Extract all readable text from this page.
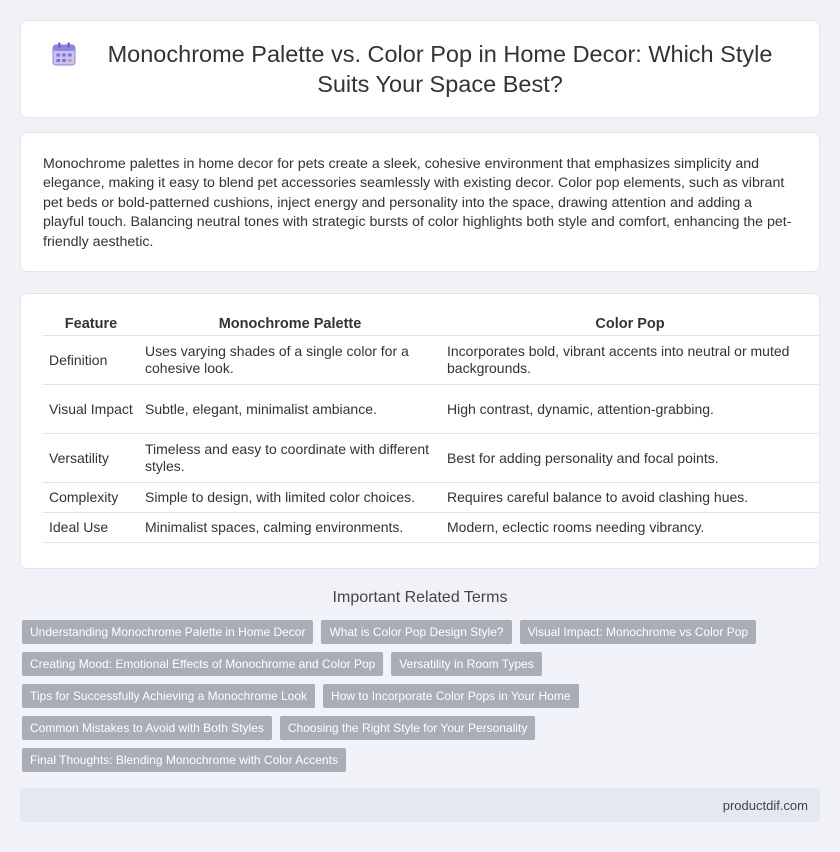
Monochrome Palette vs. Color Pop in Home Decor: Which Style Suits Your Space Best?

Monochrome palettes in home decor for pets create a sleek, cohesive environment that emphasizes simplicity and elegance, making it easy to blend pet accessories seamlessly with existing decor. Color pop elements, such as vibrant pet beds or bold-patterned cushions, inject energy and personality into the space, drawing attention and adding a playful touch. Balancing neutral tones with strategic bursts of color highlights both style and comfort, enhancing the pet-friendly aesthetic.

Feature	Monochrome Palette	Color Pop
Definition	Uses varying shades of a single color for a cohesive look.	Incorporates bold, vibrant accents into neutral or muted backgrounds.
Visual Impact	Subtle, elegant, minimalist ambiance.	High contrast, dynamic, attention-grabbing.
Versatility	Timeless and easy to coordinate with different styles.	Best for adding personality and focal points.
Complexity	Simple to design, with limited color choices.	Requires careful balance to avoid clashing hues.
Ideal Use	Minimalist spaces, calming environments.	Modern, eclectic rooms needing vibrancy.
Important Related Terms
Understanding Monochrome Palette in Home Decor	What is Color Pop Design Style?	Visual Impact: Monochrome vs Color Pop
Creating Mood: Emotional Effects of Monochrome and Color Pop	Versatility in Room Types
Tips for Successfully Achieving a Monochrome Look	How to Incorporate Color Pops in Your Home
Common Mistakes to Avoid with Both Styles	Choosing the Right Style for Your Personality
Final Thoughts: Blending Monochrome with Color Accents
productdif.com
